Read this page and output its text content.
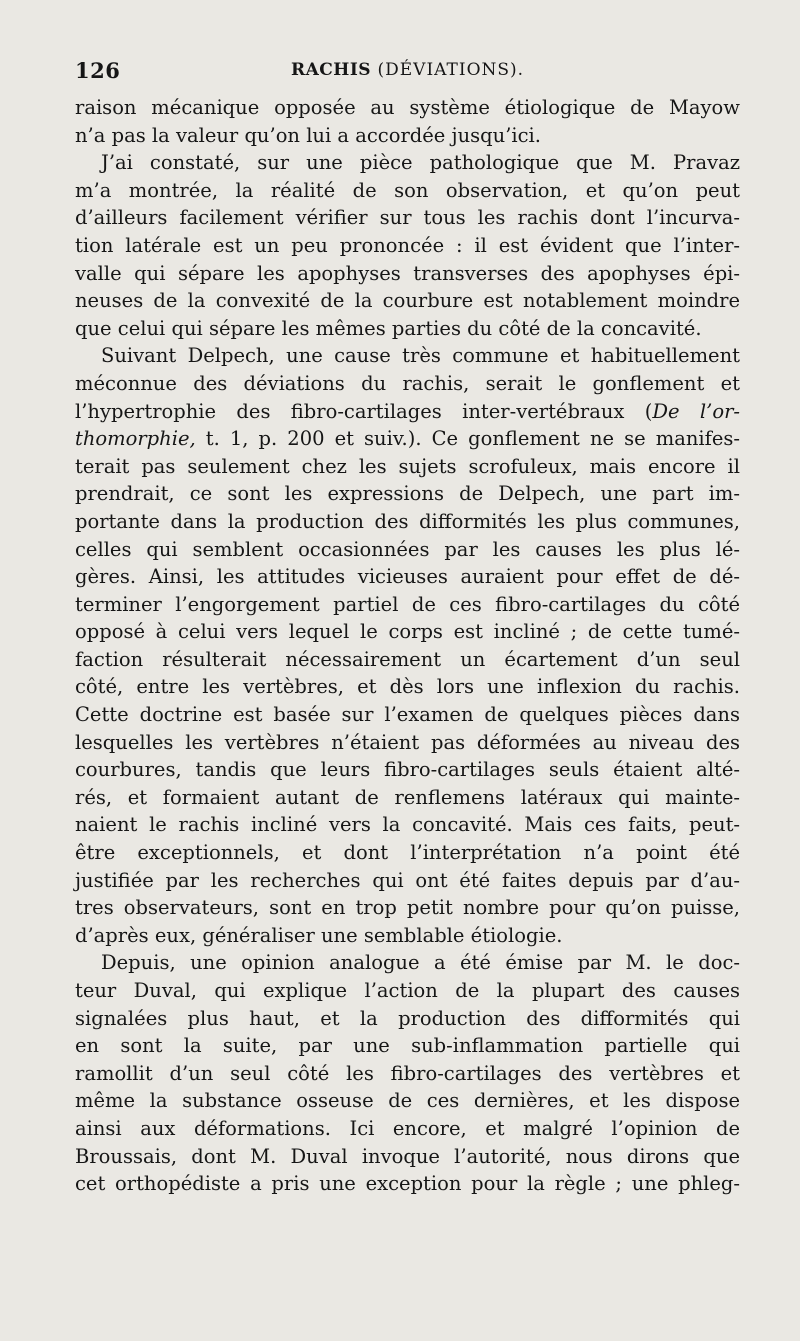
126	RACHIS (DÉVIATIONS).
raison mécanique opposée au système étiologique de Mayow
n’a pas la valeur qu’on lui a accordée jusqu’ici.
J’ai constaté, sur une pièce pathologique que M. Pravaz
m’a montrée, la réalité de son observation, et qu’on peut
d’ailleurs facilement vérifier sur tous les rachis dont l’incurva-
tion latérale est un peu prononcée : il est évident que l’inter-
valle qui sépare les apophyses transverses des apophyses épi-
neuses de la convexité de la courbure est notablement moindre
que celui qui sépare les mêmes parties du côté de la concavité.
Suivant Delpech, une cause très commune et habituellement
méconnue des déviations du rachis, serait le gonflement et
l’hypertrophie des fibro-cartilages inter-vertébraux (De l’or-
thomorphie, t. 1, p. 200 et suiv.). Ce gonflement ne se manifes-
terait pas seulement chez les sujets scrofuleux, mais encore il
prendrait, ce sont les expressions de Delpech, une part im-
portante dans la production des difformités les plus communes,
celles qui semblent occasionnées par les causes les plus lé-
gères. Ainsi, les attitudes vicieuses auraient pour effet de dé-
terminer l’engorgement partiel de ces fibro-cartilages du côté
opposé à celui vers lequel le corps est incliné ; de cette tumé-
faction résulterait nécessairement un écartement d’un seul
côté, entre les vertèbres, et dès lors une inflexion du rachis.
Cette doctrine est basée sur l’examen de quelques pièces dans
lesquelles les vertèbres n’étaient pas déformées au niveau des
courbures, tandis que leurs fibro-cartilages seuls étaient alté-
rés, et formaient autant de renflemens latéraux qui mainte-
naient le rachis incliné vers la concavité. Mais ces faits, peut-
être exceptionnels, et dont l’interprétation n’a point été
justifiée par les recherches qui ont été faites depuis par d’au-
tres observateurs, sont en trop petit nombre pour qu’on puisse,
d’après eux, généraliser une semblable étiologie.
Depuis, une opinion analogue a été émise par M. le doc-
teur Duval, qui explique l’action de la plupart des causes
signalées plus haut, et la production des difformités qui
en sont la suite, par une sub-inflammation partielle qui
ramollit d’un seul côté les fibro-cartilages des vertèbres et
même la substance osseuse de ces dernières, et les dispose
ainsi aux déformations. Ici encore, et malgré l’opinion de
Broussais, dont M. Duval invoque l’autorité, nous dirons que
cet orthopédiste a pris une exception pour la règle ; une phleg-
